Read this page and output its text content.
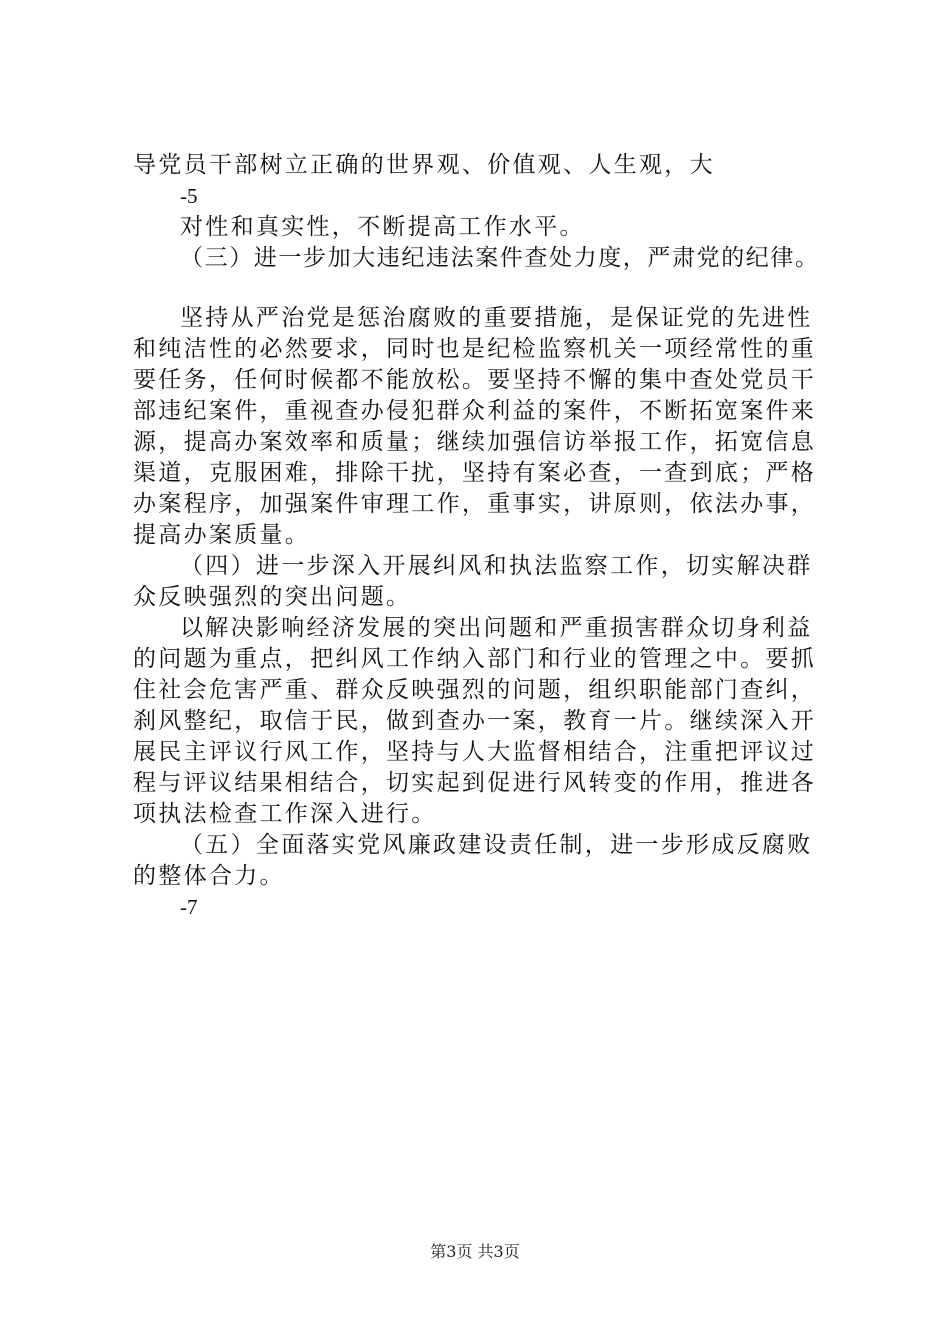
导党员干部树立正确的世界观、价值观、人生观，大
-5
对性和真实性，不断提高工作水平。
（三）进一步加大违纪违法案件查处力度，严肃党的纪律。
坚持从严治党是惩治腐败的重要措施，是保证党的先进性
和纯洁性的必然要求，同时也是纪检监察机关一项经常性的重
要任务，任何时候都不能放松。要坚持不懈的集中查处党员干
部违纪案件，重视查办侵犯群众利益的案件，不断拓宽案件来
源，提高办案效率和质量；继续加强信访举报工作，拓宽信息
渠道，克服困难，排除干扰，坚持有案必查，一查到底；严格
办案程序，加强案件审理工作，重事实，讲原则，依法办事，
提高办案质量。
（四）进一步深入开展纠风和执法监察工作，切实解决群
众反映强烈的突出问题。
以解决影响经济发展的突出问题和严重损害群众切身利益
的问题为重点，把纠风工作纳入部门和行业的管理之中。要抓
住社会危害严重、群众反映强烈的问题，组织职能部门查纠，
刹风整纪，取信于民，做到查办一案，教育一片。继续深入开
展民主评议行风工作，坚持与人大监督相结合，注重把评议过
程与评议结果相结合，切实起到促进行风转变的作用，推进各
项执法检查工作深入进行。
（五）全面落实党风廉政建设责任制，进一步形成反腐败
的整体合力。
-7
第3页 共3页
